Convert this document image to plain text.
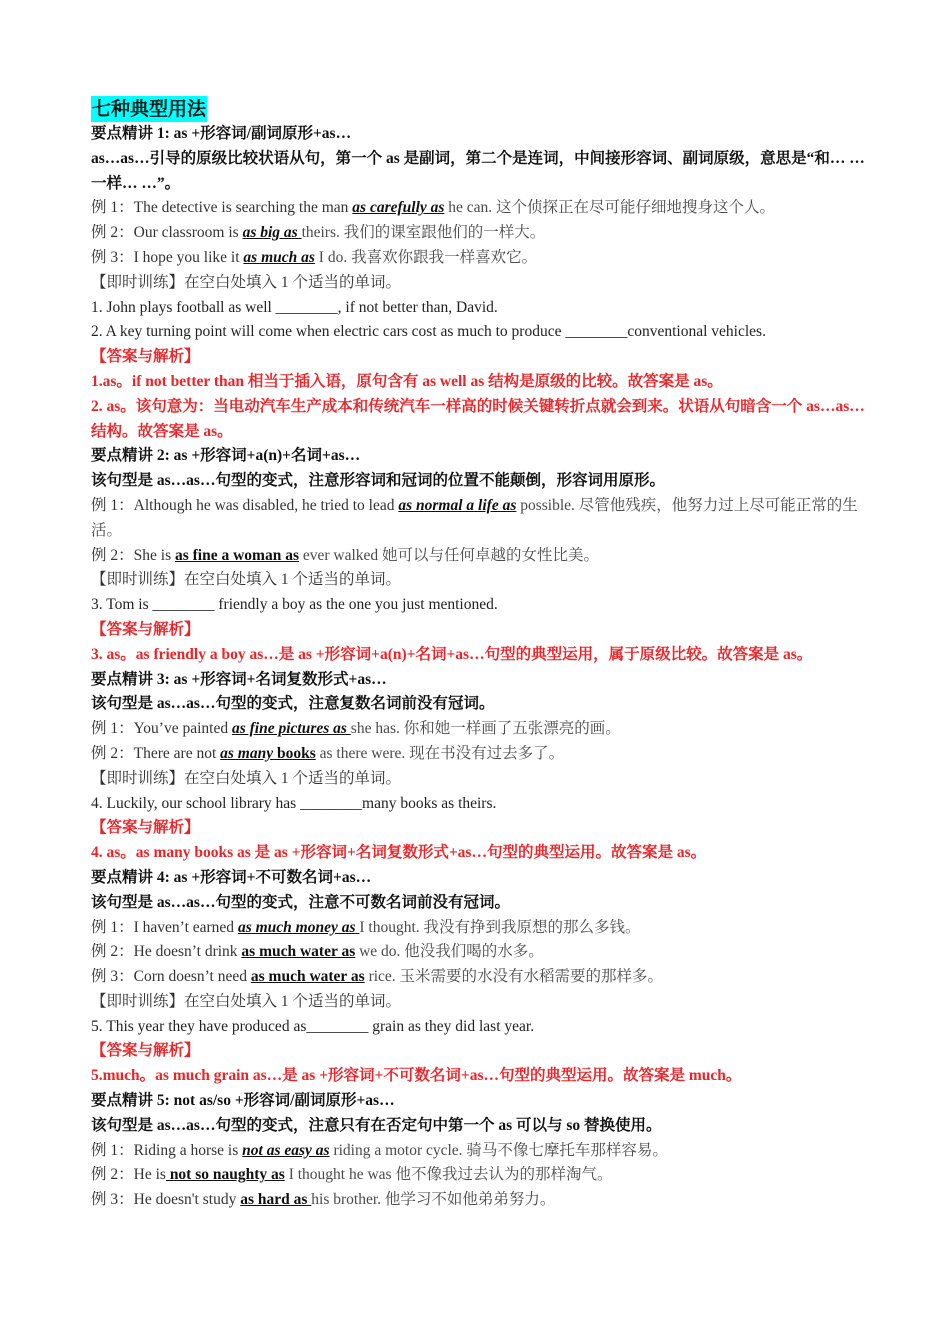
七种典型用法

要点精讲 1: as +形容词/副词原形+as…

as…as…引导的原级比较状语从句，第一个 as 是副词，第二个是连词，中间接形容词、副词原级，意思是“和… …一样… …”。

例 1：The detective is searching the man as carefully as he can. 这个侦探正在尽可能仔细地搜身这个人。

例 2：Our classroom is as big as theirs. 我们的课室跟他们的一样大。

例 3：I hope you like it as much as I do. 我喜欢你跟我一样喜欢它。

【即时训练】在空白处填入 1 个适当的单词。

1. John plays football as well ________, if not better than, David.

2. A key turning point will come when electric cars cost as much to produce ________conventional vehicles.

【答案与解析】

1.as。if not better than 相当于插入语，原句含有 as well as 结构是原级的比较。故答案是 as。

2. as。该句意为：当电动汽车生产成本和传统汽车一样高的时候关键转折点就会到来。状语从句暗含一个 as…as…结构。故答案是 as。

要点精讲 2: as +形容词+a(n)+名词+as…

该句型是 as…as…句型的变式，注意形容词和冠词的位置不能颠倒，形容词用原形。

例 1：Although he was disabled, he tried to lead as normal a life as possible. 尽管他残疾，他努力过上尽可能正常的生活。

例 2：She is as fine a woman as ever walked 她可以与任何卓越的女性比美。

【即时训练】在空白处填入 1 个适当的单词。

3. Tom is ________ friendly a boy as the one you just mentioned.

【答案与解析】

3. as。as friendly a boy as…是 as +形容词+a(n)+名词+as…句型的典型运用，属于原级比较。故答案是 as。

要点精讲 3: as +形容词+名词复数形式+as…

该句型是 as…as…句型的变式，注意复数名词前没有冠词。

例 1：You’ve painted as fine pictures as she has. 你和她一样画了五张漂亮的画。

例 2：There are not as many books as there were. 现在书没有过去多了。

【即时训练】在空白处填入 1 个适当的单词。

4. Luckily, our school library has ________many books as theirs.

【答案与解析】

4. as。as many books as 是 as +形容词+名词复数形式+as…句型的典型运用。故答案是 as。

要点精讲 4: as +形容词+不可数名词+as…

该句型是 as…as…句型的变式，注意不可数名词前没有冠词。

例 1：I haven’t earned as much money as I thought. 我没有挣到我原想的那么多钱。

例 2：He doesn’t drink as much water as we do. 他没我们喝的水多。

例 3：Corn doesn’t need as much water as rice. 玉米需要的水没有水稻需要的那样多。

【即时训练】在空白处填入 1 个适当的单词。

5. This year they have produced as________ grain as they did last year.

【答案与解析】

5.much。as much grain as…是 as +形容词+不可数名词+as…句型的典型运用。故答案是 much。

要点精讲 5: not as/so +形容词/副词原形+as…

该句型是 as…as…句型的变式，注意只有在否定句中第一个 as 可以与 so 替换使用。

例 1：Riding a horse is not as easy as riding a motor cycle. 骑马不像七摩托车那样容易。

例 2：He is not so naughty as I thought he was 他不像我过去认为的那样淘气。

例 3：He doesn't study as hard as his brother. 他学习不如他弟弟努力。
